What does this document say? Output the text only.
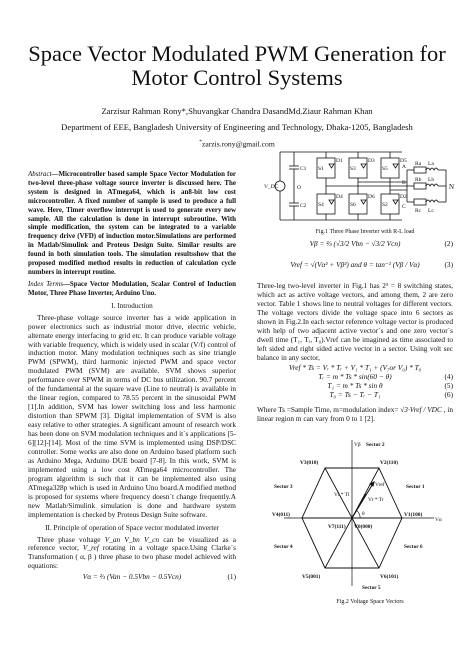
Space Vector Modulated PWM Generation for Motor Control Systems
Zarzisur Rahman Rony*,Shuvangkar Chandra DasandMd.Ziaur Rahman Khan
Department of EEE, Bangladesh University of Engineering and Technology, Dhaka-1205, Bangladesh
*zarzis.rony@gmail.com

Abstract—Microcontroller based sample Space Vector Modulation for two-level three-phase voltage source inverter is discussed here. The system is designed in ATmega64, which is an8-bit low cost microcontroller. A fixed number of sample is used to produce a full wave. Here, Timer overflow interrupt is used to generate every new sample. All the calculation is done in interrupt subroutine. With simple modification, the system can be integrated to a variable frequency drive (VFD) of induction motor.Simulations are performed in Matlab/Simulink and Proteus Design Suite. Similar results are found in both simulation tools. The simulation resultsshow that the proposed modified method results in reduction of calculation cycle numbers in interrupt routine.

Index Terms—Space Vector Modulation, Scalar Control of Induction Motor, Three Phase Inverter, Arduino Uno.

I. Introduction

Three-phase voltage source inverter has a wide application in power electronics such as industrial motor drive, electric vehicle, alternate energy interfacing to grid etc. It can produce variable voltage with variable frequency, which is widely used in scalar (V/f) control of induction motor. Many modulation techniques such as sine triangle PWM (SPWM), third harmonic injected PWM and space vector modulated PWM (SVM) are available. SVM shows superior performance over SPWM in terms of DC bus utilization. 90.7 percent of the fundamental at the square wave (Line to neutral) is available in the linear region, compared to 78.55 percent in the sinusoidal PWM [1].In addition, SVM has lower switching loss and less harmonic distortion than SPWM [3]. Digital implementation of SVM is also easy relative to other strategies. A significant amount of research work has been done on SVM modulation techniques and it`s applications [5-6][12]-[14]. Most of the time SVM is implemented using DSP/DSC controller. Some works are also done on Arduino based platform such as Arduino Mega, Arduino DUE board [7-8]. In this work, SVM is implemented using a low cost ATmega64 microcontroller. The program algorithm is such that it can be implemented also using ATmega328p which is used in Arduino Uno board.A modified method is proposed for systems where frequency doesn`t change frequently.A new Matlab/Simulink simulation is done and hardware system implementation is checked by Proteus Design Suite software.

II. Principle of operation of Space vector modulated inverter

Three phase voltage V_an V_bn V_cn can be visualized as a reference vector, V_ref rotating in a voltage space.Using Clarke`s Transformation ( α, β ) three phase to two phase model achieved with equations:

Vα = ⅔ (Van − 0.5Vbn − 0.5Vcn)	(1)

V_DC
C1
C2
O
S1
S4
S3
S6
S5
S2
D1
D4
D3
D6
D5
D2
A
B
C
Ra
Rb
Rc
La
Lb
Lc
N
Fig.1 Three Phase Inverter with R-L load

Vβ = ⅔ (√3/2 Vbn − √3/2 Vcn)	(2)

Vref = √(Vα² + Vβ²) and θ = tan⁻¹ (Vβ / Vα)	(3)

Three-leg two-level inverter in Fig.1 has 2³ = 8 switching states, which act as active voltage vectors, and among them, 2 are zero vector. Table 1 shows line to neutral voltages for different vectors. The voltage vectors divide the voltage space into 6 sectors as shown in Fig.2.In each sector reference voltage vector is produced with help of two adjacent active vector`s and one zero vector`s dwell time (T₁, Tᵣ, T₀).Vref can be imagined as time associated to left sided and right sided active vector in a sector. Using volt sec balance in any sector,

Vref * Ts = Vᵣ * Tᵣ + V₁ * T₁ + (V₇or V₀) * T₀

Tᵣ = m * Ts * sin(60 − θ)	(4)

T₁ = m * Ts * sin θ	(5)

T₀ = Ts − Tᵣ − T₁	(6)

Where Ts =Sample Time, m=modulation index= √3·Vref / VDC , in linear region m can vary from 0 to 1 [2].

Sector 2
Sector 1
Sector 3
Sector 4
Sector 5
Sector 6
V1(100)
V2(110)
V3(010)
V4(011)
V5(001)	V6(101)
V7(111) V0(000)
Vβ
Vα
Vref
Vr * Tr
Vl * Tl
θ
Fig.2 Voltage Space Vectors
